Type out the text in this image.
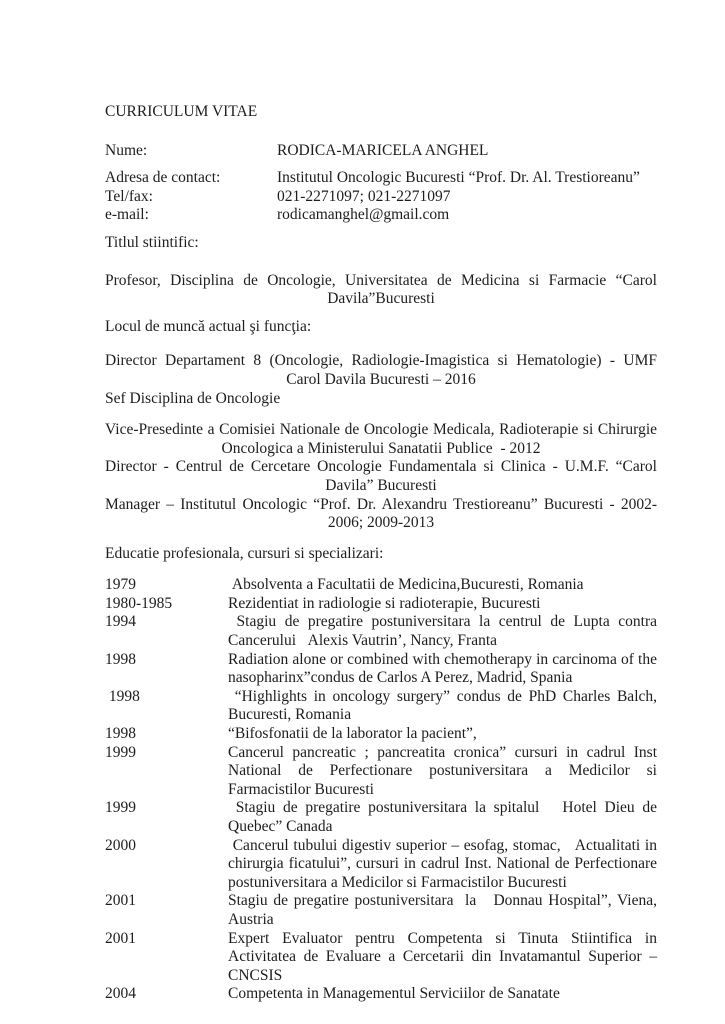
CURRICULUM VITAE
Nume:	RODICA-MARICELA ANGHEL
Adresa de contact:	Institutul Oncologic Bucuresti “Prof. Dr. Al. Trestioreanu”
Tel/fax:	021-2271097; 021-2271097
e-mail:	rodicamanghel@gmail.com
Titlul stiintific:
Profesor, Disciplina de Oncologie, Universitatea de Medicina si Farmacie “Carol Davila”Bucuresti
Locul de muncă actual şi funcţia:
Director Departament 8 (Oncologie, Radiologie-Imagistica si Hematologie) - UMF Carol Davila Bucuresti – 2016
Sef Disciplina de Oncologie
Vice-Presedinte a Comisiei Nationale de Oncologie Medicala, Radioterapie si Chirurgie Oncologica a Ministerului Sanatatii Publice  - 2012
Director - Centrul de Cercetare Oncologie Fundamentala si Clinica - U.M.F. “Carol Davila” Bucuresti
Manager – Institutul Oncologic “Prof. Dr. Alexandru Trestioreanu” Bucuresti - 2002-2006; 2009-2013
Educatie profesionala, cursuri si specializari:
1979	Absolventa a Facultatii de Medicina,Bucuresti, Romania
1980-1985	Rezidentiat in radiologie si radioterapie, Bucuresti
1994	Stagiu de pregatire postuniversitara la centrul de Lupta contra Cancerului   Alexis Vautrin’, Nancy, Franta
1998	Radiation alone or combined with chemotherapy in carcinoma of the nasopharinx”condus de Carlos A Perez, Madrid, Spania
1998	“Highlights in oncology surgery” condus de PhD Charles Balch, Bucuresti, Romania
1998	“Bifosfonatii de la laborator la pacient”,
1999	Cancerul pancreatic ; pancreatita cronica” cursuri in cadrul Inst National de Perfectionare postuniversitara a Medicilor si Farmacistilor Bucuresti
1999	Stagiu de pregatire postuniversitara la spitalul   Hotel Dieu de Quebec” Canada
2000	Cancerul tubului digestiv superior – esofag, stomac,   Actualitati in chirurgia ficatului”, cursuri in cadrul Inst. National de Perfectionare postuniversitara a Medicilor si Farmacistilor Bucuresti
2001	Stagiu de pregatire postuniversitara  la   Donnau Hospital”, Viena, Austria
2001	Expert Evaluator pentru Competenta si Tinuta Stiintifica in Activitatea de Evaluare a Cercetarii din Invatamantul Superior – CNCSIS
2004	Competenta in Managementul Serviciilor de Sanatate
